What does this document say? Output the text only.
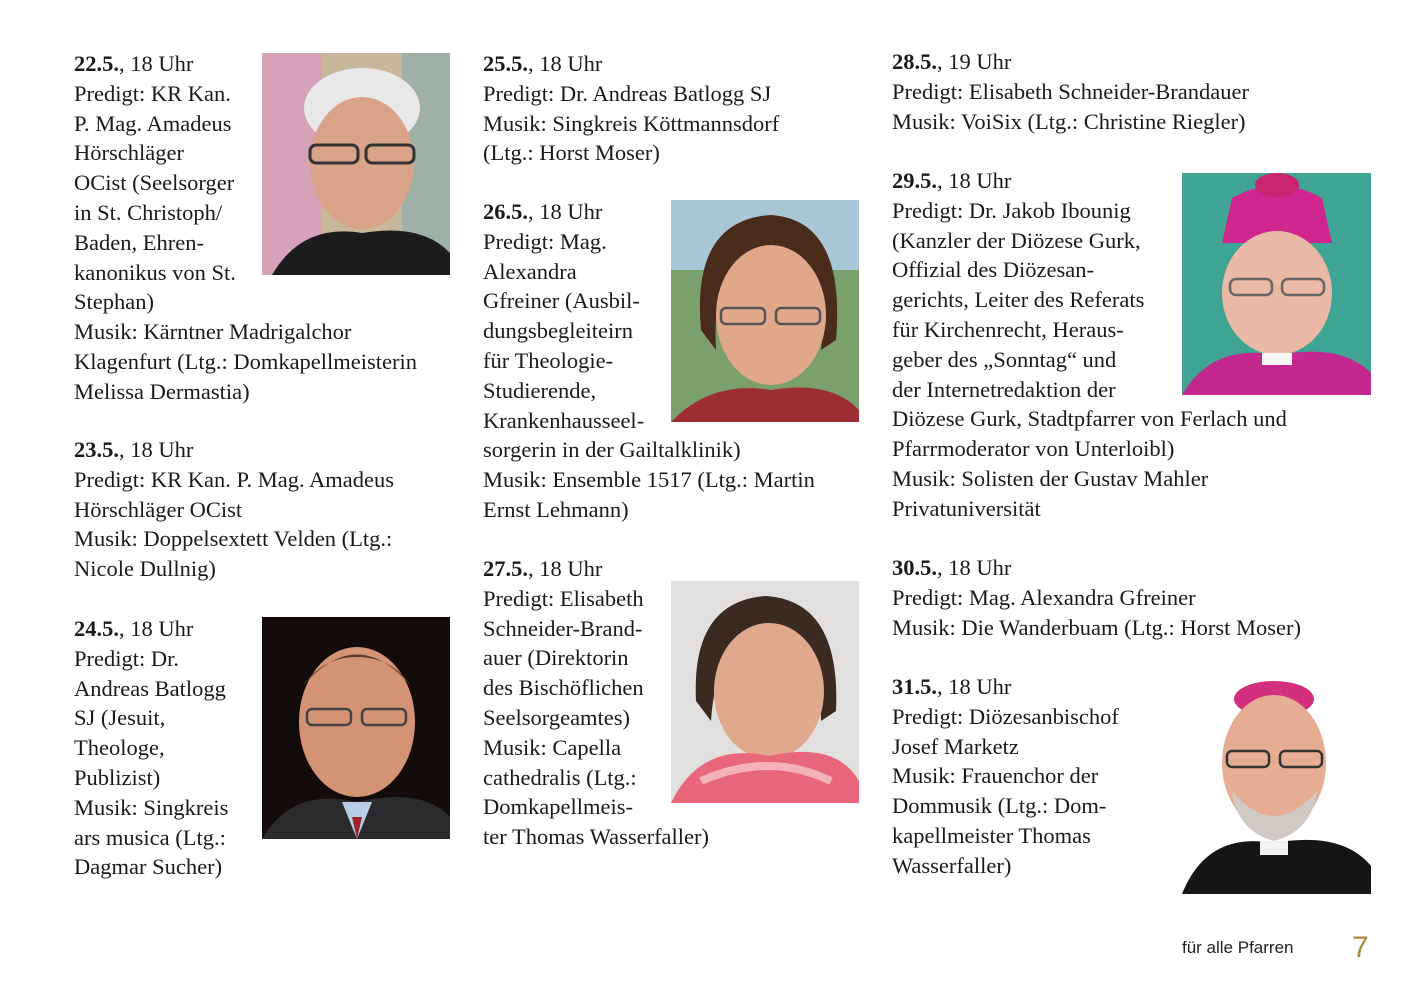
22.5., 18 Uhr
Predigt: KR Kan.
P. Mag. Amadeus
Hörschläger
OCist (Seelsorger
in St. Christoph/
Baden, Ehren-
kanonikus von St.
Stephan)
Musik: Kärntner Madrigalchor
Klagenfurt (Ltg.: Domkapellmeisterin
Melissa Dermastia)
23.5., 18 Uhr
Predigt: KR Kan. P. Mag. Amadeus
Hörschläger OCist
Musik: Doppelsextett Velden (Ltg.:
Nicole Dullnig)
24.5., 18 Uhr
Predigt: Dr.
Andreas Batlogg
SJ (Jesuit,
Theologe,
Publizist)
Musik: Singkreis
ars musica (Ltg.:
Dagmar Sucher)
25.5., 18 Uhr
Predigt: Dr. Andreas Batlogg SJ
Musik: Singkreis Köttmannsdorf
(Ltg.: Horst Moser)
26.5., 18 Uhr
Predigt: Mag.
Alexandra
Gfreiner (Ausbil-
dungsbegleiteirn
für Theologie-
Studierende,
Krankenhausseel-
sorgerin in der Gailtalklinik)
Musik: Ensemble 1517 (Ltg.: Martin
Ernst Lehmann)
27.5., 18 Uhr
Predigt: Elisabeth
Schneider-Brand-
auer (Direktorin
des Bischöflichen
Seelsorgeamtes)
Musik: Capella
cathedralis (Ltg.:
Domkapellmeis-
ter Thomas Wasserfaller)
28.5., 19 Uhr
Predigt: Elisabeth Schneider-Brandauer
Musik: VoiSix (Ltg.: Christine Riegler)
29.5., 18 Uhr
Predigt: Dr. Jakob Ibounig
(Kanzler der Diözese Gurk,
Offizial des Diözesan-
gerichts, Leiter des Referats
für Kirchenrecht, Heraus-
geber des „Sonntag“ und
der Internetredaktion der
Diözese Gurk, Stadtpfarrer von Ferlach und
Pfarrmoderator von Unterloibl)
Musik: Solisten der Gustav Mahler
Privatuniversität
30.5., 18 Uhr
Predigt: Mag. Alexandra Gfreiner
Musik: Die Wanderbuam (Ltg.: Horst Moser)
31.5., 18 Uhr
Predigt: Diözesanbischof
Josef Marketz
Musik: Frauenchor der
Dommusik (Ltg.: Dom-
kapellmeister Thomas
Wasserfaller)
für alle Pfarren 7
